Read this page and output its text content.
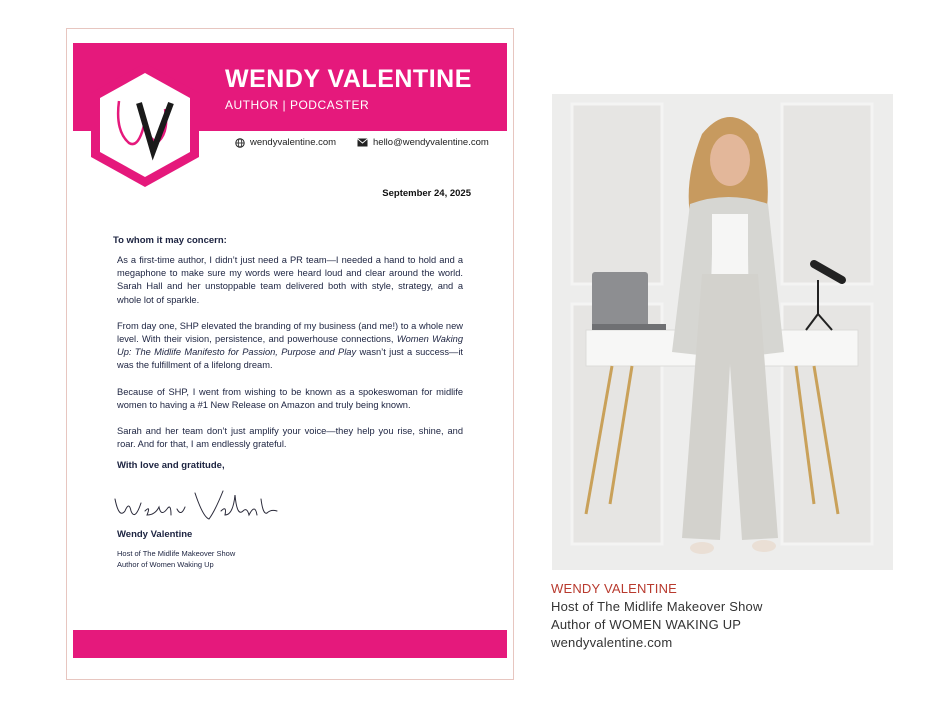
WENDY VALENTINE
AUTHOR | PODCASTER
wendyvalentine.com	hello@wendyvalentine.com
September 24, 2025
To whom it may concern:

As a first-time author, I didn’t just need a PR team—I needed a hand to hold and a megaphone to make sure my words were heard loud and clear around the world. Sarah Hall and her unstoppable team delivered both with style, strategy, and a whole lot of sparkle.

From day one, SHP elevated the branding of my business (and me!) to a whole new level. With their vision, persistence, and powerhouse connections, Women Waking Up: The Midlife Manifesto for Passion, Purpose and Play wasn’t just a success—it was the fulfillment of a lifelong dream.

Because of SHP, I went from wishing to be known as a spokeswoman for midlife women to having a #1 New Release on Amazon and truly being known.

Sarah and her team don’t just amplify your voice—they help you rise, shine, and roar. And for that, I am endlessly grateful.

With love and gratitude,
Wendy Valentine
Host of The Midlife Makeover Show
Author of Women Waking Up
WENDY VALENTINE
Host of The Midlife Makeover Show
Author of WOMEN WAKING UP
wendyvalentine.com
